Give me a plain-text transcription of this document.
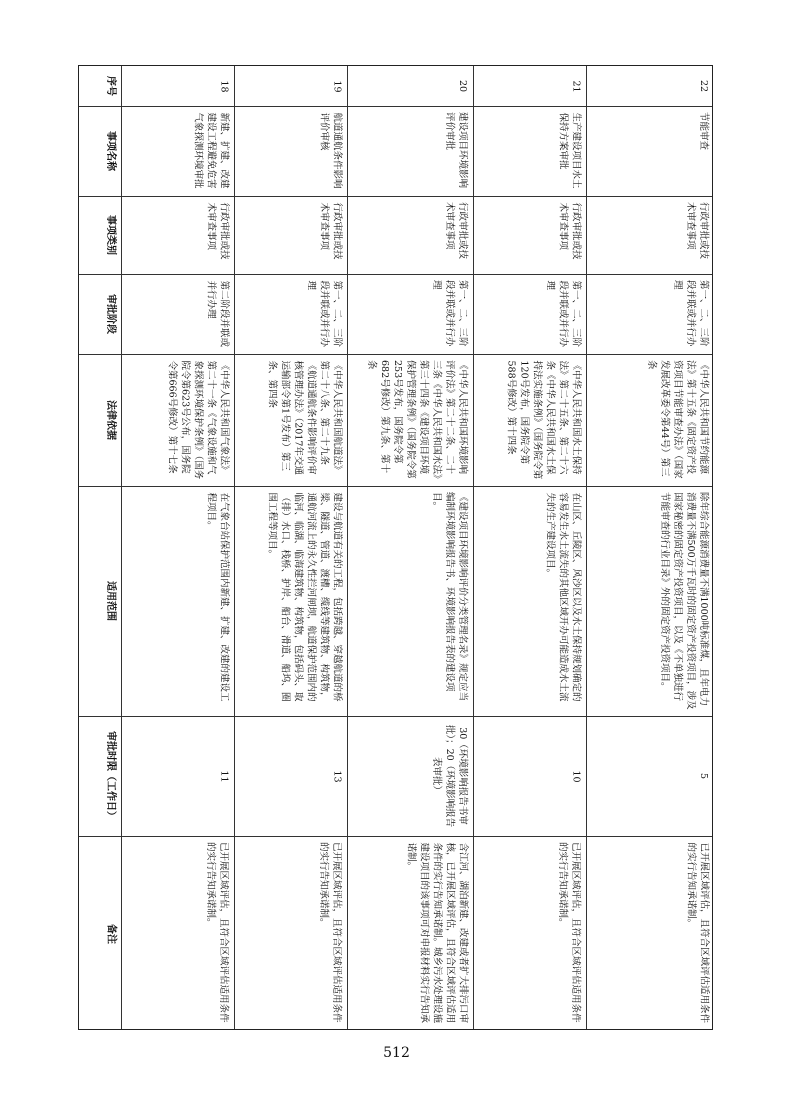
序号
事项名称
事项类别
审批阶段
法律依据
适用范围
审批时限（工作日）
备注
18
新建、扩建、改建建设工程避免危害气象探测环境审批
行政审批或技术审查事项
第二阶段并联或并行办理
《中华人民共和国气象法》第二十一条《气象设施和气象探测环境保护条例》（国务院令第623号公布，国务院令第666号修改）第十七条
在气象台站保护范围内新建、扩建、改建的建设工程项目。
11
已开展区域评估，且符合区域评估适用条件的实行告知承诺制。
19
航道通航条件影响评价审核
行政审批或技术审查事项
第一、二、三阶段并联或并行办理
《中华人民共和国航道法》第二十八条、第二十九条《航道通航条件影响评价审核管理办法》（2017年交通运输部令第1号发布）第三条、第四条
建设与航道有关的工程，包括跨越、穿越航道的桥梁、隧道、管道、渡槽、缆线等建筑物、构筑物，通航河流上的永久性拦河闸坝，航道保护范围内的临河、临湖、临海建筑物、构筑物，包括码头、取（排）水口、栈桥、护岸、船台、滑道、船坞、圈围工程等项目。
13
已开展区域评估，且符合区域评估适用条件的实行告知承诺制。
20
建设项目环境影响评价审批
行政审批或技术审查事项
第一、二、三阶段并联或并行办理
《中华人民共和国环境影响评价法》第二十二条、二十三条《中华人民共和国水法》第三十四条《建设项目环境保护管理条例》（国务院令第253号发布，国务院令第682号修改）第九条、第十条
《建设项目环境影响评价分类管理名录》规定应当编制环境影响报告书、环境影响报告表的建设项目。
30（环境影响报告书审批）；20（环境影响报告表审批）
含江河、湖泊新建、改建或者扩大排污口审核，已开展区域评估，且符合区域评估适用条件的实行告知承诺制。城乡污水处理设施建设项目的该事项可对申报材料实行告知承诺制。
21
生产建设项目水土保持方案审批
行政审批或技术审查事项
第一、二、三阶段并联或并行办理
《中华人民共和国水土保持法》第二十五条、第二十六条《中华人民共和国水土保持法实施条例》（国务院令第120号发布，国务院令第588号修改）第十四条
在山区、丘陵区、风沙区以及水土保持规划确定的容易发生水土流失的其他区域开办可能造成水土流失的生产建设项目。
10
已开展区域评估，且符合区域评估适用条件的实行告知承诺制。
22
节能审查
行政审批或技术审查事项
第一、二、三阶段并联或并行办理
《中华人民共和国节约能源法》第十五条《固定资产投资项目节能审查办法》（国家发展改革委令第44号）第三条
除年综合能源消费量不满1000吨标准煤，且年电力消费量不满500万千瓦时的固定资产投资项目，涉及国家秘密的固定资产投资项目，以及《不单独进行节能审查的行业目录》外的固定资产投资项目。
5
已开展区域评估，且符合区域评估适用条件的实行告知承诺制。
512
